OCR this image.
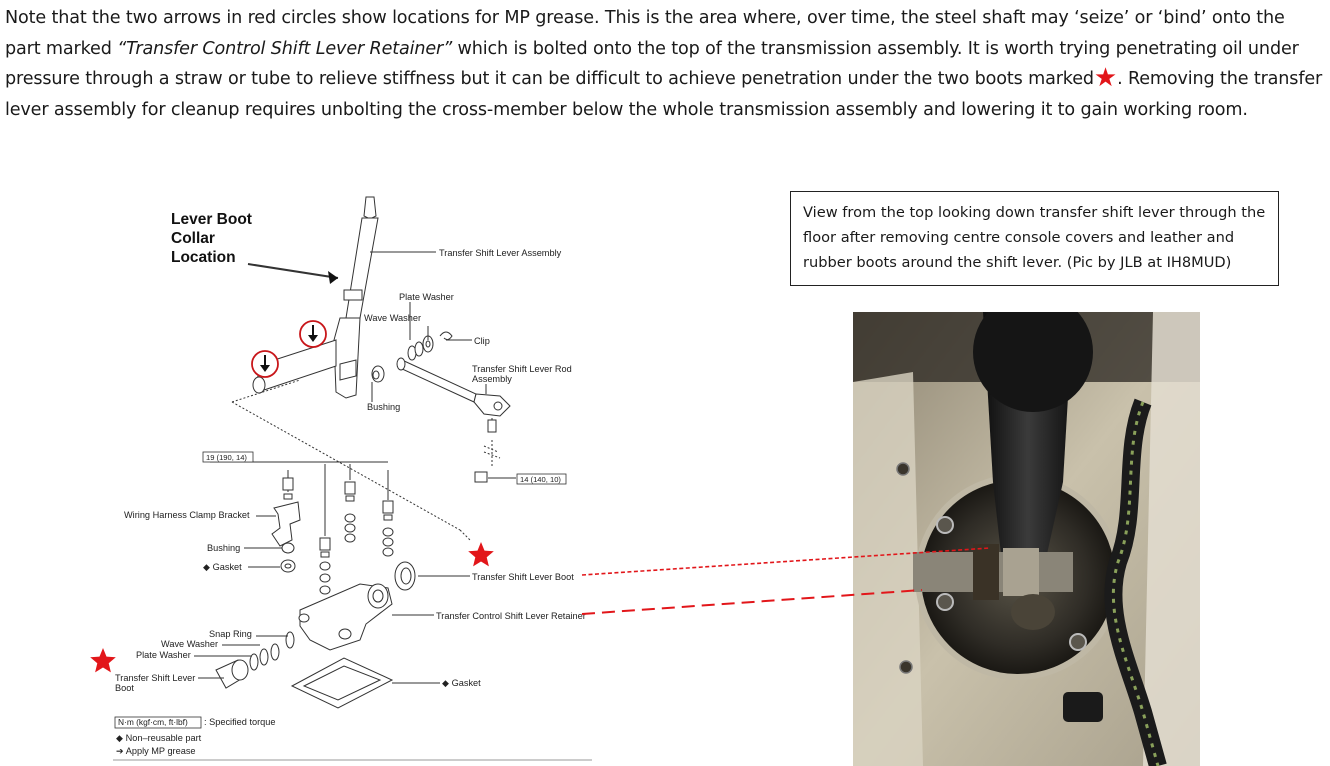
Note that the two arrows in red circles show locations for MP grease. This is the area where, over time, the steel shaft may ‘seize’ or ‘bind’ onto the part marked “Transfer Control Shift Lever Retainer” which is bolted onto the top of the transmission assembly. It is worth trying penetrating oil under pressure through a straw or tube to relieve stiffness but it can be difficult to achieve penetration under the two boots marked★. Removing the transfer lever assembly for cleanup requires unbolting the cross-member below the whole transmission assembly and lowering it to gain working room.
Lever Boot
Collar
Location	Transfer Shift Lever Assembly
Plate Washer
Wave Washer
Clip
Transfer Shift Lever Rod
Assembly
Bushing
19 (190, 14)
14 (140, 10)
Wiring Harness Clamp Bracket
Bushing
◆ Gasket
Transfer Shift Lever Boot
Transfer Control Shift Lever Retainer
Snap Ring
Wave Washer
Plate Washer
Transfer Shift Lever
Boot	◆ Gasket
N·m (kgf·cm, ft·lbf) : Specified torque
◆ Non–reusable part
➔ Apply MP grease
View from the top looking down transfer shift lever through the floor after removing centre console covers and leather and rubber boots around the shift lever. (Pic by JLB at IH8MUD)
